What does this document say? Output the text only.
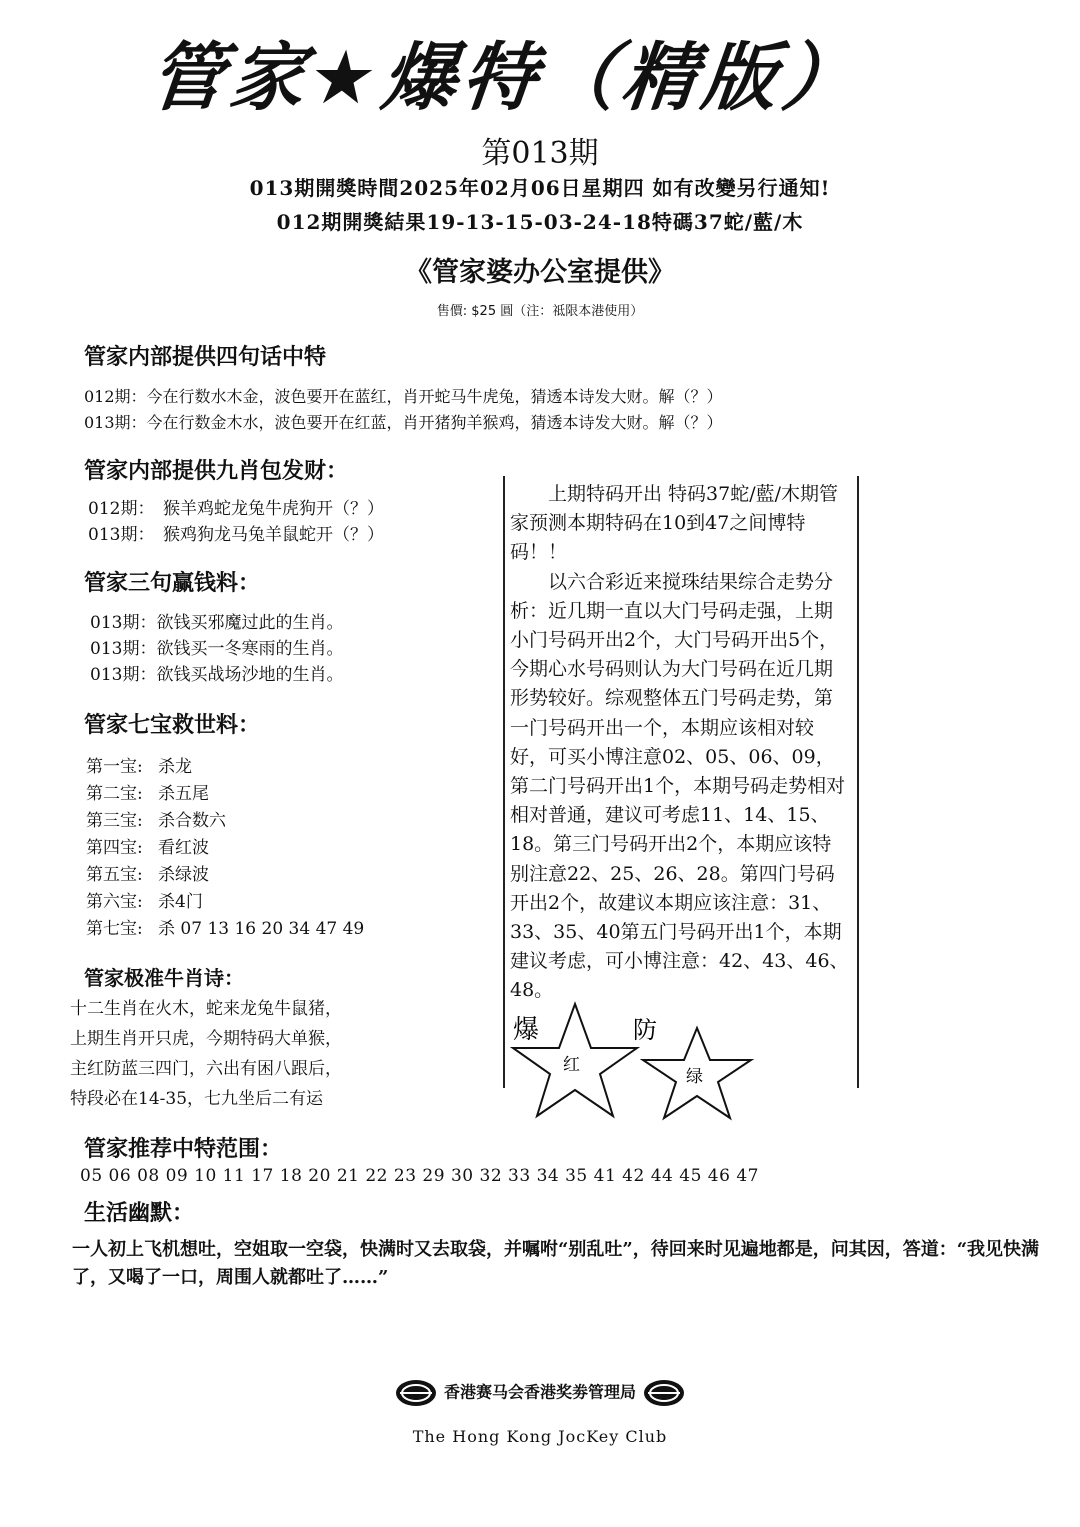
管家★爆特（精版）
第013期
013期開獎時間2025年02月06日星期四 如有改變另行通知!
012期開獎結果19-13-15-03-24-18特碼37蛇/藍/木
《管家婆办公室提供》
售價: $25 圓（注：祗限本港使用）
管家内部提供四句话中特
012期：今在行数水木金，波色要开在蓝红，肖开蛇马牛虎兔，猜透本诗发大财。解（？）
013期：今在行数金木水，波色要开在红蓝，肖开猪狗羊猴鸡，猜透本诗发大财。解（？）
管家内部提供九肖包发财：
012期：　猴羊鸡蛇龙兔牛虎狗开（？）
013期：　猴鸡狗龙马兔羊鼠蛇开（？）
管家三句赢钱料：
013期：欲钱买邪魔过此的生肖。
013期：欲钱买一冬寒雨的生肖。
013期：欲钱买战场沙地的生肖。
管家七宝救世料：
第一宝: 杀龙
第二宝: 杀五尾
第三宝: 杀合数六
第四宝: 看红波
第五宝: 杀绿波
第六宝: 杀4门
第七宝: 杀 07 13 16 20 34 47 49
管家极准牛肖诗：
十二生肖在火木，蛇来龙兔牛鼠猪，
上期生肖开只虎，今期特码大单猴，
主红防蓝三四门，六出有困八跟后，
特段必在14-35，七九坐后二有运

上期特码开出 特码37蛇/藍/木期管家预测本期特码在10到47之间博特码！！

以六合彩近来搅珠结果综合走势分析：近几期一直以大门号码走强，上期小门号码开出2个，大门号码开出5个，今期心水号码则认为大门号码在近几期形势较好。综观整体五门号码走势，第一门号码开出一个，本期应该相对较好，可买小博注意02、05、06、09，第二门号码开出1个，本期号码走势相对相对普通，建议可考虑11、14、15、18。第三门号码开出2个，本期应该特别注意22、25、26、28。第四门号码开出2个，故建议本期应该注意：31、33、35、40第五门号码开出1个，本期建议考虑，可小博注意：42、43、46、48。

爆
红
防
绿
管家推荐中特范围：
05 06 08 09 10 11 17 18 20 21 22 23 29 30 32 33 34 35 41 42 44 45 46 47
生活幽默：
一人初上飞机想吐，空姐取一空袋，快满时又去取袋，并嘱咐“别乱吐”，待回来时见遍地都是，问其因，答道：“我见快满了，又喝了一口，周围人就都吐了……”
香港赛马会香港奖劵管理局
The Hong Kong JocKey Club
